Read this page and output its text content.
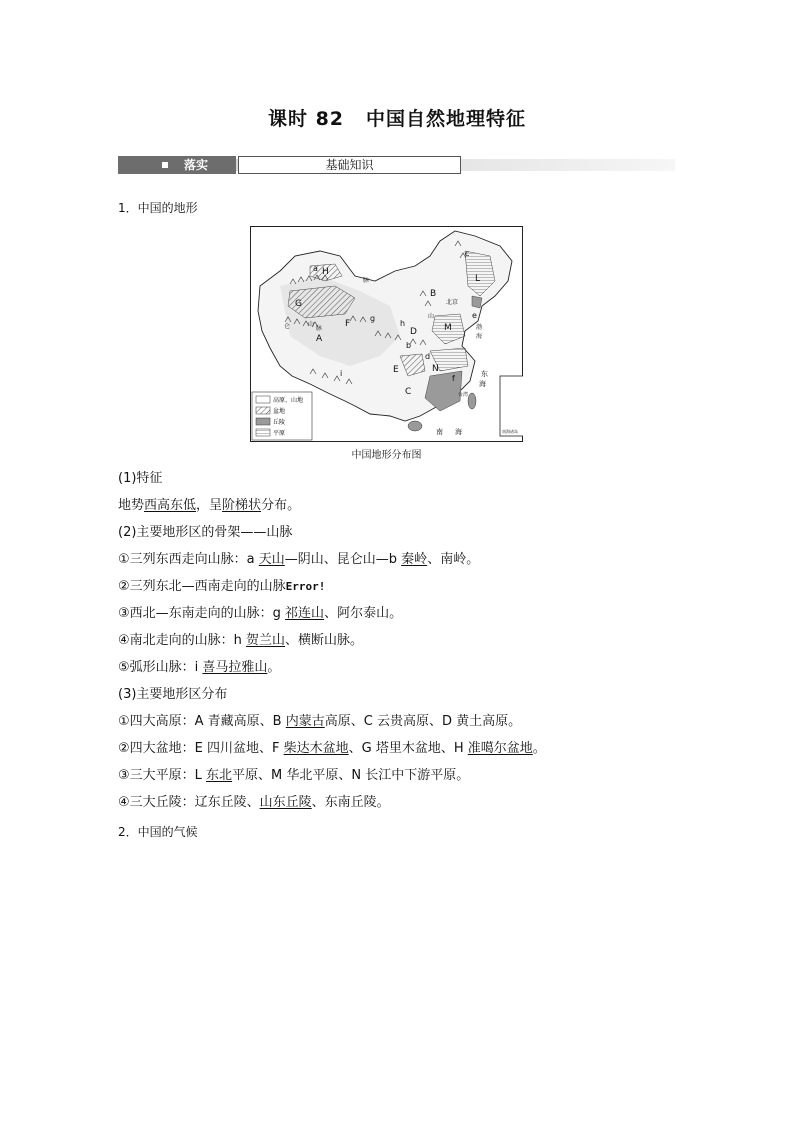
课时 82 中国自然地理特征
落实	基础知识
1．中国的地形
高原、山地
盆地
丘陵
平原
A
B
C
D
E
F
G
H
L
M
N
a
b
c
d
e
f
g
h
i
北京
山
脉
仑	山
脉	渤
海
东
海
南 海
台湾
南海诸岛
中国地形分布图
(1)特征
地势西高东低，呈阶梯状分布。
(2)主要地形区的骨架——山脉
①三列东西走向山脉：a 天山—阴山、昆仑山—b 秦岭、南岭。
②三列东北—西南走向的山脉Error!
③西北—东南走向的山脉：g 祁连山、阿尔泰山。
④南北走向的山脉：h 贺兰山、横断山脉。
⑤弧形山脉：i 喜马拉雅山。
(3)主要地形区分布
①四大高原：A 青藏高原、B 内蒙古高原、C 云贵高原、D 黄土高原。
②四大盆地：E 四川盆地、F 柴达木盆地、G 塔里木盆地、H 准噶尔盆地。
③三大平原：L 东北平原、M 华北平原、N 长江中下游平原。
④三大丘陵：辽东丘陵、山东丘陵、东南丘陵。
2．中国的气候
